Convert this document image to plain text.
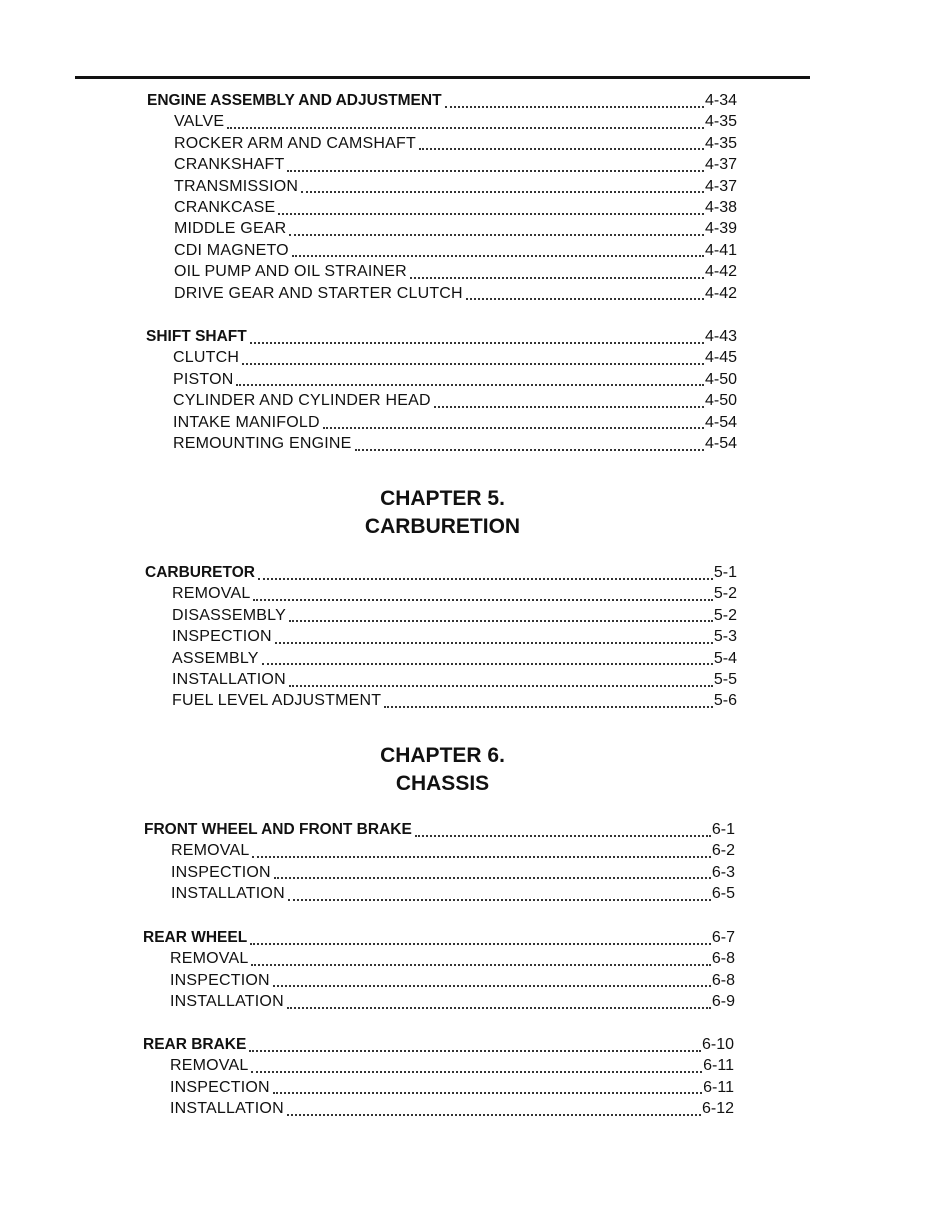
ENGINE ASSEMBLY AND ADJUSTMENT	4-34
VALVE	4-35
ROCKER ARM AND CAMSHAFT	4-35
CRANKSHAFT	4-37
TRANSMISSION	4-37
CRANKCASE	4-38
MIDDLE GEAR	4-39
CDI MAGNETO	4-41
OIL PUMP AND OIL STRAINER	4-42
DRIVE GEAR AND STARTER CLUTCH	4-42
SHIFT SHAFT	4-43
CLUTCH	4-45
PISTON	4-50
CYLINDER AND CYLINDER HEAD	4-50
INTAKE MANIFOLD	4-54
REMOUNTING ENGINE	4-54
CHAPTER 5.
CARBURETION
CARBURETOR	5-1
REMOVAL	5-2
DISASSEMBLY	5-2
INSPECTION	5-3
ASSEMBLY	5-4
INSTALLATION	5-5
FUEL LEVEL ADJUSTMENT	5-6
CHAPTER 6.
CHASSIS
FRONT WHEEL AND FRONT BRAKE	6-1
REMOVAL	6-2
INSPECTION	6-3
INSTALLATION	6-5
REAR WHEEL	6-7
REMOVAL	6-8
INSPECTION	6-8
INSTALLATION	6-9
REAR BRAKE	6-10
REMOVAL	6-11
INSPECTION	6-11
INSTALLATION	6-12
